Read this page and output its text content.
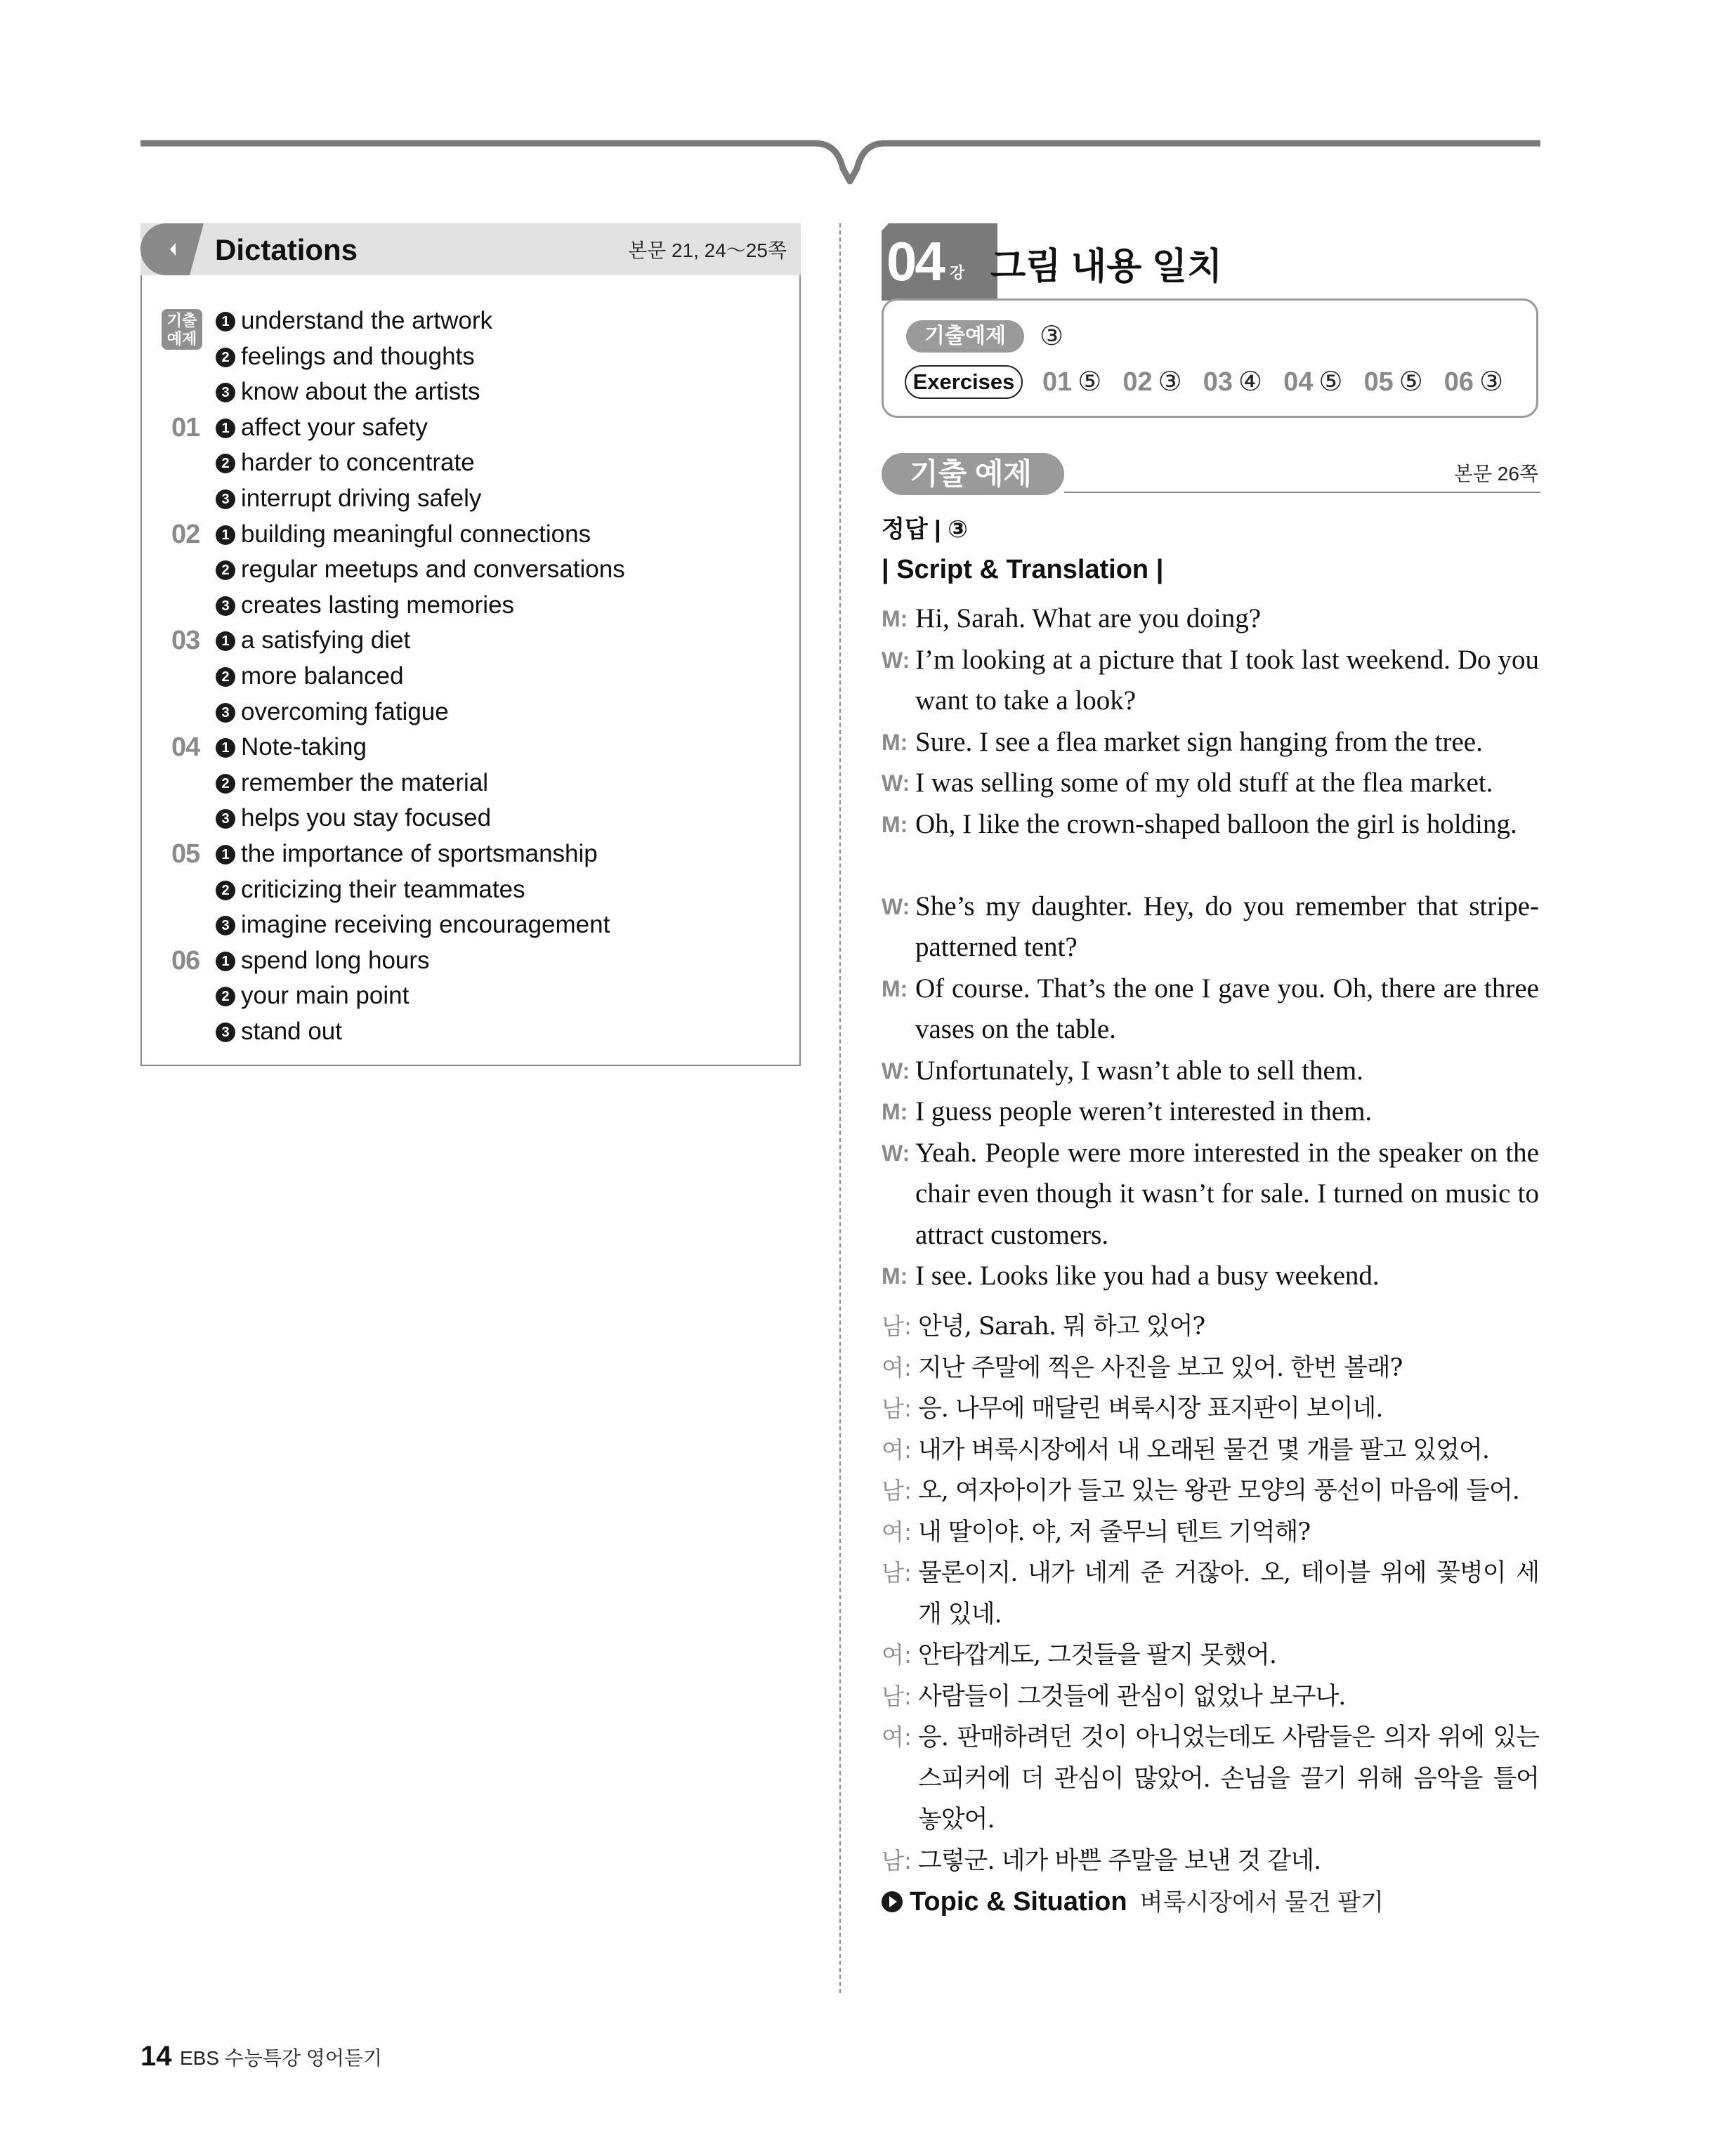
Dictations	본문 21, 24～25쪽
기출
예제
1 understand the artwork
2 feelings and thoughts
3 know about the artists
01	1 affect your safety
2 harder to concentrate
3 interrupt driving safely
02	1 building meaningful connections
2 regular meetups and conversations
3 creates lasting memories
03	1 a satisfying diet
2 more balanced
3 overcoming fatigue
04	1 Note-taking
2 remember the material
3 helps you stay focused
05	1 the importance of sportsmanship
2 criticizing their teammates
3 imagine receiving encouragement
06	1 spend long hours
2 your main point
3 stand out
04 강 그림 내용 일치
기출예제	③
Exercises	01 ⑤ 02 ③ 03 ④ 04 ⑤ 05 ⑤ 06 ③
기출 예제	본문 26쪽
정답 | ③
| Script & Translation |
M: Hi, Sarah. What are you doing?
W: I’m looking at a picture that I took last weekend. Do you want to take a look?
M: Sure. I see a flea market sign hanging from the tree.
W: I was selling some of my old stuff at the flea market.
M: Oh, I like the crown-shaped balloon the girl is holding.
W: She’s my daughter. Hey, do you remember that stripe-patterned tent?
M: Of course. That’s the one I gave you. Oh, there are three vases on the table.
W: Unfortunately, I wasn’t able to sell them.
M: I guess people weren’t interested in them.
W: Yeah. People were more interested in the speaker on the chair even though it wasn’t for sale. I turned on music to attract customers.
M: I see. Looks like you had a busy weekend.
남: 안녕, Sarah. 뭐 하고 있어?
여: 지난 주말에 찍은 사진을 보고 있어. 한번 볼래?
남: 응. 나무에 매달린 벼룩시장 표지판이 보이네.
여: 내가 벼룩시장에서 내 오래된 물건 몇 개를 팔고 있었어.
남: 오, 여자아이가 들고 있는 왕관 모양의 풍선이 마음에 들어.
여: 내 딸이야. 야, 저 줄무늬 텐트 기억해?
남: 물론이지. 내가 네게 준 거잖아. 오, 테이블 위에 꽃병이 세 개 있네.
여: 안타깝게도, 그것들을 팔지 못했어.
남: 사람들이 그것들에 관심이 없었나 보구나.
여: 응. 판매하려던 것이 아니었는데도 사람들은 의자 위에 있는 스피커에 더 관심이 많았어. 손님을 끌기 위해 음악을 틀어 놓았어.
남: 그렇군. 네가 바쁜 주말을 보낸 것 같네.
Topic & Situation 벼룩시장에서 물건 팔기
14 EBS 수능특강 영어듣기
